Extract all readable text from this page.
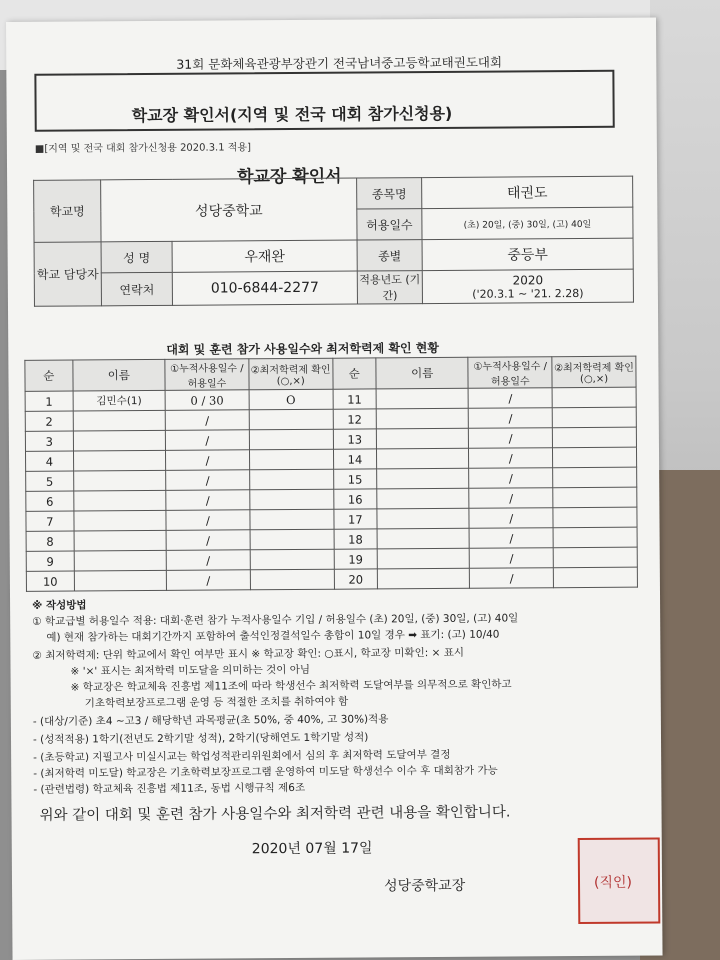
31회 문화체육관광부장관기 전국남녀중고등학교태권도대회
학교장 확인서(지역 및 전국 대회 참가신청용)
■[지역 및 전국 대회 참가신청용 2020.3.1 적용]
학교장 확인서
학교명	성당중학교		종목명	태권도
			허용일수	(초) 20일, (중) 30일, (고) 40일
학교 담당자	성 명	우재완	종별	중등부
	연락처	010-6844-2277	적용년도 (기간)	2020
('20.3.1 ~ '21. 2.28)
대회 및 훈련 참가 사용일수와 최저학력제 확인 현황
순	이름	①누적사용일수 /허용일수	②최저학력제 확인(○,×)	순	이름	①누적사용일수 /허용일수	②최저학력제 확인(○,×)
1	김민수(1)	0 / 30	O	11		/	
2		/		12		/	
3		/		13		/	
4		/		14		/	
5		/		15		/	
6		/		16		/	
7		/		17		/	
8		/		18		/	
9		/		19		/	
10		/		20		/	
※ 작성방법
① 학교급별 허용일수 적용: 대회·훈련 참가 누적사용일수 기입 / 허용일수 (초) 20일, (중) 30일, (고) 40일
예) 현재 참가하는 대회기간까지 포함하여 출석인정결석일수 총합이 10일 경우 ➡ 표기: (고) 10/40
② 최저학력제: 단위 학교에서 확인 여부만 표시 ※ 학교장 확인: ○표시, 학교장 미확인: × 표시
※ '×' 표시는 최저학력 미도달을 의미하는 것이 아님
※ 학교장은 학교체육 진흥법 제11조에 따라 학생선수 최저학력 도달여부를 의무적으로 확인하고
기초학력보장프로그램 운영 등 적절한 조치를 취하여야 함
- (대상/기준) 초4 ~고3 / 해당학년 과목평균(초 50%, 중 40%, 고 30%)적용
- (성적적용) 1학기(전년도 2학기말 성적), 2학기(당해연도 1학기말 성적)
- (초등학교) 지필고사 미실시교는 학업성적관리위원회에서 심의 후 최저학력 도달여부 결정
- (최저학력 미도달) 학교장은 기초학력보장프로그램 운영하여 미도달 학생선수 이수 후 대회참가 가능
- (관련법령) 학교체육 진흥법 제11조, 동법 시행규칙 제6조
위와 같이 대회 및 훈련 참가 사용일수와 최저학력 관련 내용을 확인합니다.
2020년 07월 17일
성당중학교장	(직인)
